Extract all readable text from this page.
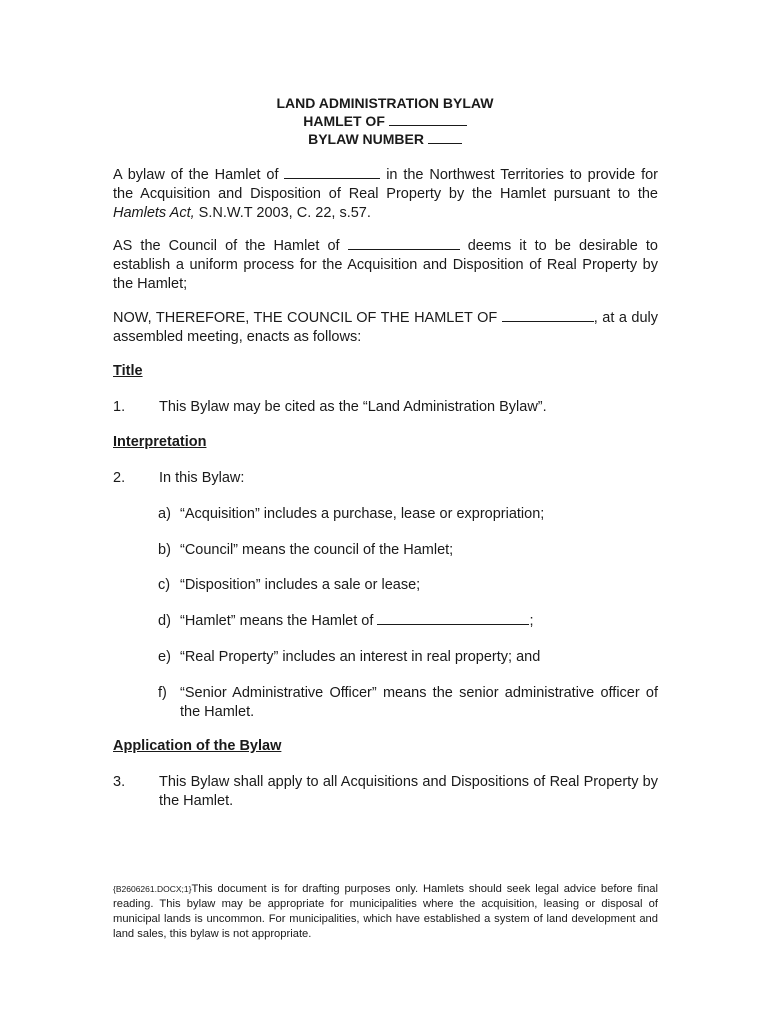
LAND ADMINISTRATION BYLAW
HAMLET OF
BYLAW NUMBER
A bylaw of the Hamlet of	in the Northwest Territories to provide for the Acquisition and Disposition of Real Property by the Hamlet pursuant to the Hamlets Act, S.N.W.T 2003, C. 22, s.57.
AS the Council of the Hamlet of	deems it to be desirable to establish a uniform process for the Acquisition and Disposition of Real Property by the Hamlet;
NOW, THEREFORE, THE COUNCIL OF THE HAMLET OF	, at a duly assembled meeting, enacts as follows:
Title
1. This Bylaw may be cited as the “Land Administration Bylaw”.
Interpretation
2. In this Bylaw:
a) “Acquisition” includes a purchase, lease or expropriation;
b) “Council” means the council of the Hamlet;
c) “Disposition” includes a sale or lease;
d) “Hamlet” means the Hamlet of	;
e) “Real Property” includes an interest in real property; and
f) “Senior Administrative Officer” means the senior administrative officer of the Hamlet.
Application of the Bylaw
3. This Bylaw shall apply to all Acquisitions and Dispositions of Real Property by the Hamlet.
{B2606261.DOCX;1}This document is for drafting purposes only. Hamlets should seek legal advice before final reading. This bylaw may be appropriate for municipalities where the acquisition, leasing or disposal of municipal lands is uncommon. For municipalities, which have established a system of land development and land sales, this bylaw is not appropriate.
